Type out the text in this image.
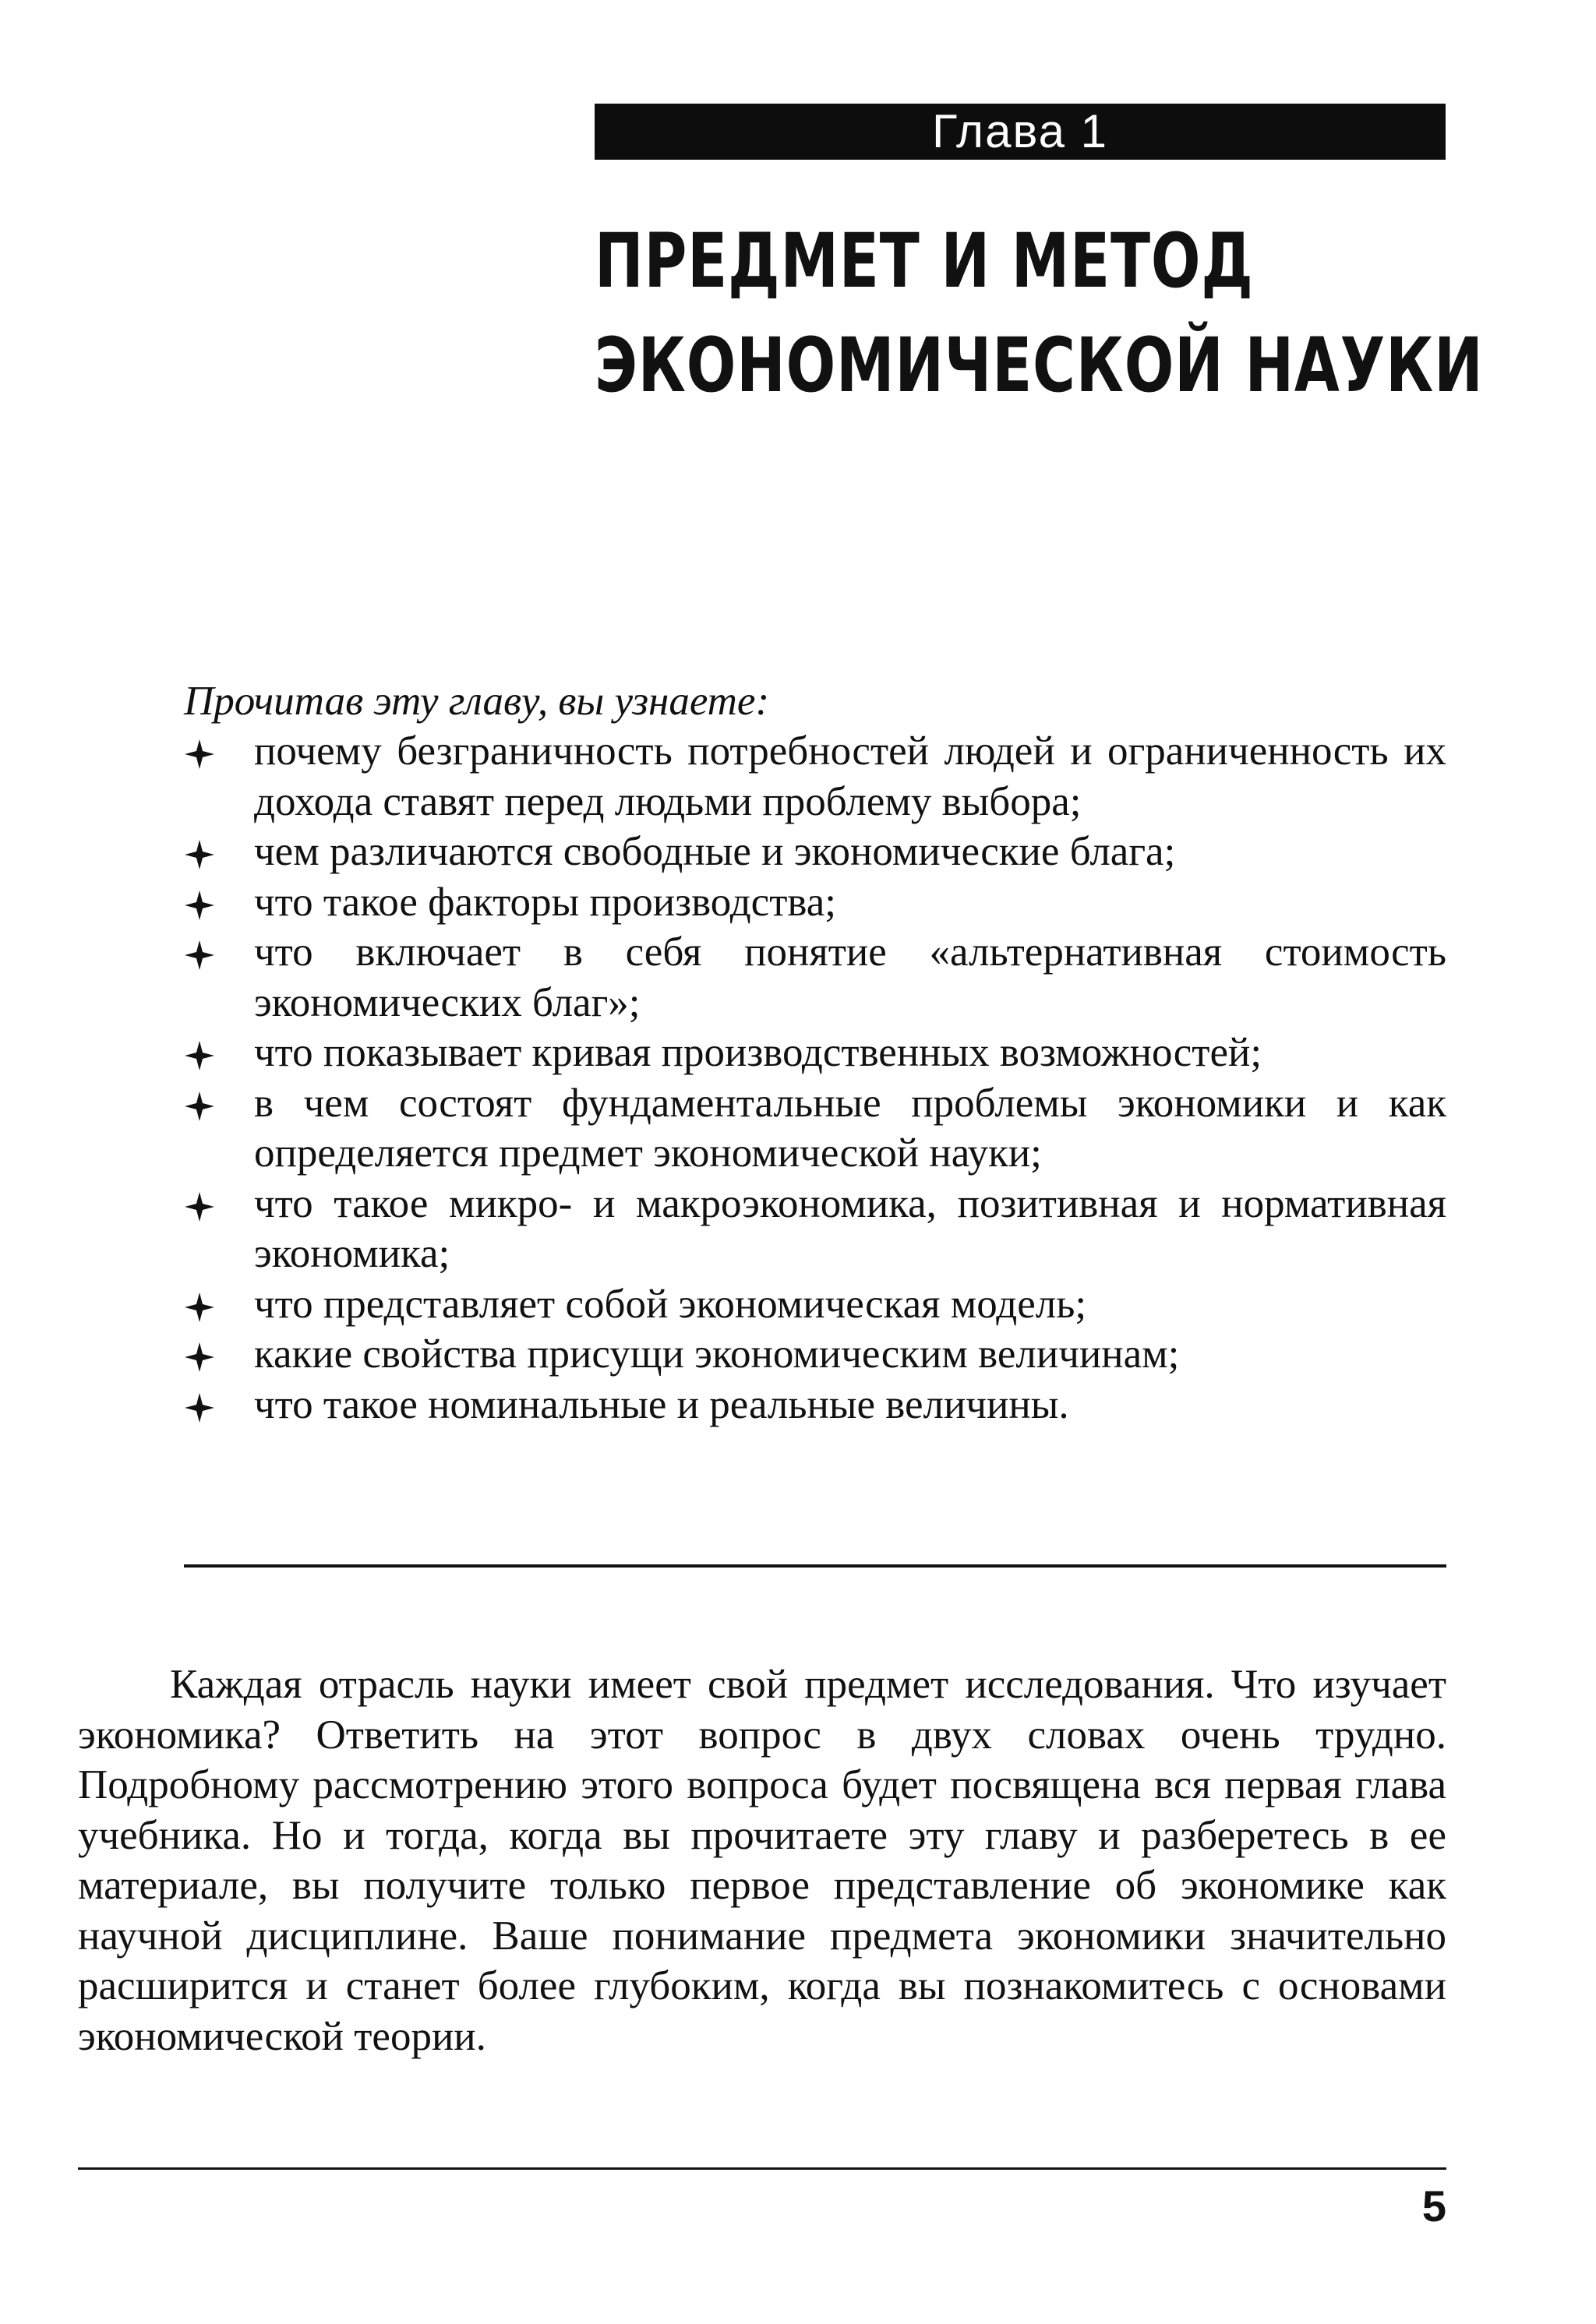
Глава 1
ПРЕДМЕТ И МЕТОД
ЭКОНОМИЧЕСКОЙ НАУКИ
Прочитав эту главу, вы узнаете:
почему безграничность потребностей людей и ограниченность их дохода ставят перед людьми проблему выбора;
чем различаются свободные и экономические блага;
что такое факторы производства;
что включает в себя понятие «альтернативная стоимость экономических благ»;
что показывает кривая производственных возможностей;
в чем состоят фундаментальные проблемы экономики и как определяется предмет экономической науки;
что такое микро- и макроэкономика, позитивная и нормативная экономика;
что представляет собой экономическая модель;
какие свойства присущи экономическим величинам;
что такое номинальные и реальные величины.

Каждая отрасль науки имеет свой предмет исследования. Что изучает экономика? Ответить на этот вопрос в двух словах очень трудно. Подробному рассмотрению этого вопроса будет посвящена вся первая глава учебника. Но и тогда, когда вы прочитаете эту главу и разберетесь в ее материале, вы получите только первое представление об экономике как научной дисциплине. Ваше понимание предмета экономики значительно расширится и станет более глубоким, когда вы познакомитесь с основами экономической теории.

5
